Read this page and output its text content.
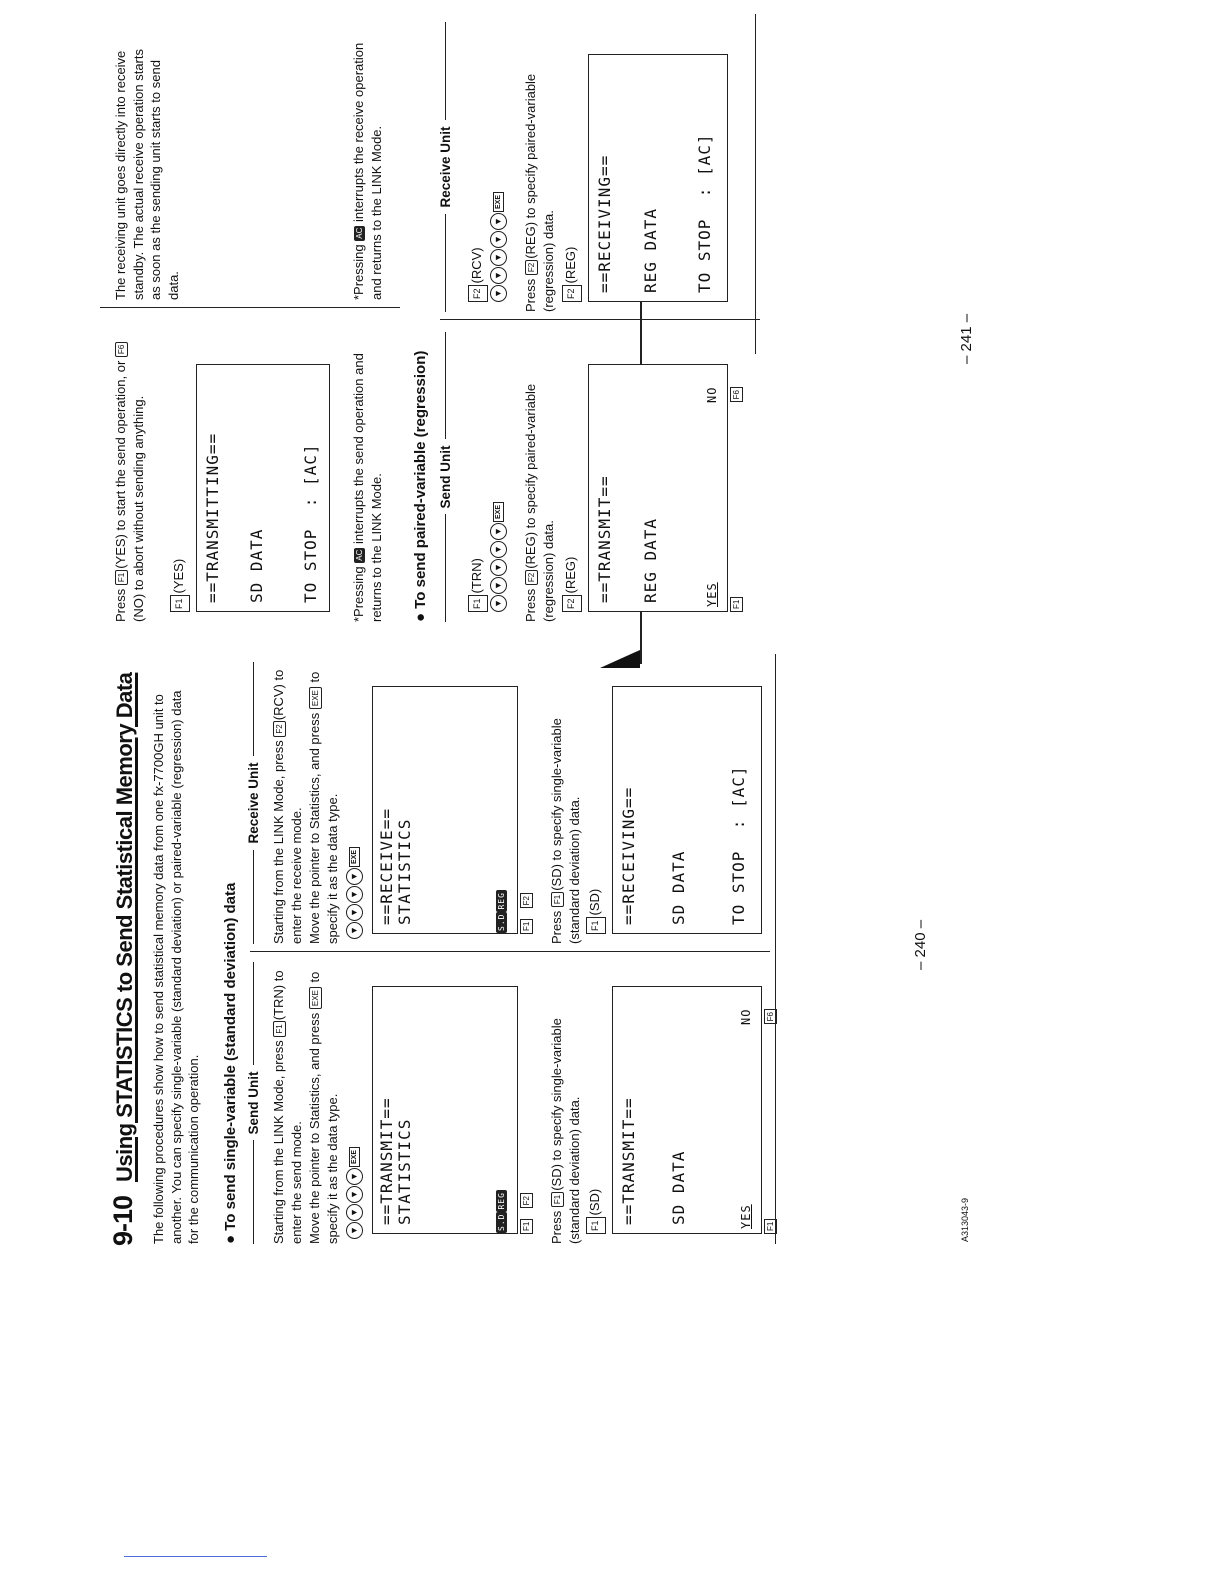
9-10
Using STATISTICS to Send Statistical Memory Data The following procedures show how to send statistical memory data from one fx-7700GH unit to another. You can specify single-variable (standard deviation) or paired-variable (regression) data for the communication operation. ● To send single-variable (standard deviation) data Send Unit Starting from the LINK Mode, press F1(TRN) to enter the send mode. Move the pointer to Statistics, and press EXE to specify it as the data type.	▼▼▼▼EXE	==TRANSMIT== STATISTICS	S.DREG
F1 F2
Press F1(SD) to specify single-variable (standard deviation) data. F1(SD) ==TRANSMIT== SD DATA	YES
NO
F1 F6
Receive Unit Starting from the LINK Mode, press F2(RCV) to enter the receive mode. Move the pointer to Statistics, and press EXE to specify it as the data type.	▼▼▼▼EXE	==RECEIVE== STATISTICS	S.DREG
F1 F2
Press F1(SD) to specify single-variable (standard deviation) data. F1(SD) ==RECEIVING== SD DATA	TO STOP  : [AC]
– 240 –
A313043-9
Press F1(YES) to start the send operation, or F6(NO) to abort without sending anything.	F1(YES) ==TRANSMITTING== SD DATA TO STOP  : [AC] *Pressing AC interrupts the send operation and returns to the LINK Mode.
The receiving unit goes directly into receive standby. The actual receive operation starts as soon as the sending unit starts to send data.	*Pressing AC interrupts the receive operation and returns to the LINK Mode.
● To send paired-variable (regression) Send Unit
F1(TRN)
▼▼▼▼▼EXE
Press F2(REG) to specify paired-variable (regression) data.	F2(REG) ==TRANSMIT== REG DATA	YES
NO
F1 F6
Receive Unit
F2(RCV)
▼▼▼▼▼EXE
Press F2(REG) to specify paired-variable (regression) data.	F2(REG) ==RECEIVING== REG DATA TO STOP  : [AC]
– 241 –
